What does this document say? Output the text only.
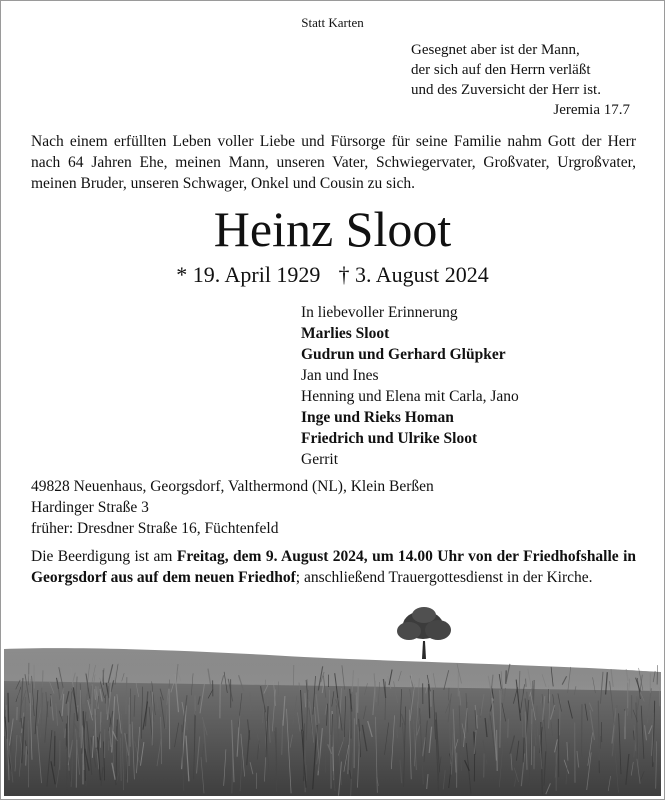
Statt Karten
Gesegnet aber ist der Mann,
der sich auf den Herrn verläßt
und des Zuversicht der Herr ist.
Jeremia 17.7
Nach einem erfüllten Leben voller Liebe und Fürsorge für seine Familie nahm Gott der Herr nach 64 Jahren Ehe, meinen Mann, unseren Vater, Schwiegervater, Großvater, Urgroßvater, meinen Bruder, unseren Schwager, Onkel und Cousin zu sich.
Heinz Sloot
* 19. April 1929 † 3. August 2024
In liebevoller Erinnerung
Marlies Sloot
Gudrun und Gerhard Glüpker
Jan und Ines
Henning und Elena mit Carla, Jano
Inge und Rieks Homan
Friedrich und Ulrike Sloot
Gerrit
49828 Neuenhaus, Georgsdorf, Valthermond (NL), Klein Berßen
Hardinger Straße 3
früher: Dresdner Straße 16, Füchtenfeld
Die Beerdigung ist am Freitag, dem 9. August 2024, um 14.00 Uhr von der Friedhofshalle in Georgsdorf aus auf dem neuen Friedhof; anschließend Trauergottesdienst in der Kirche.
